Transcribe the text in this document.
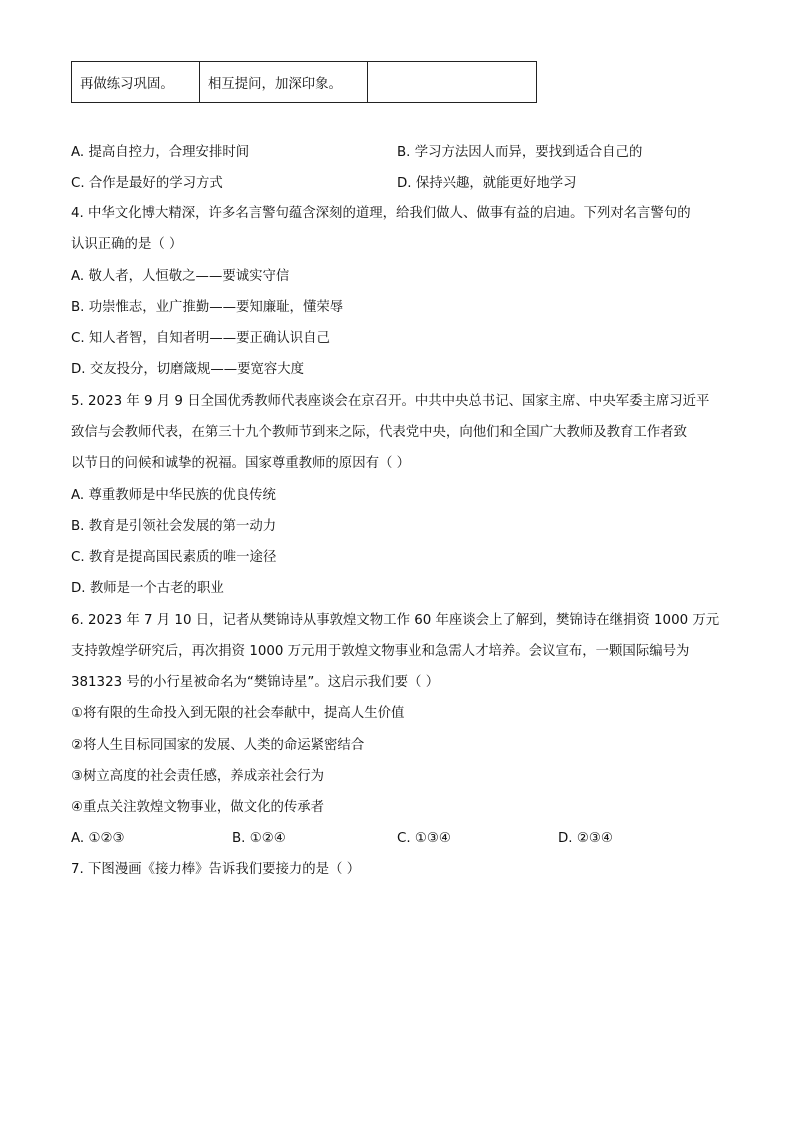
再做练习巩固。	相互提问，加深印象。	
A. 提高自控力，合理安排时间	B. 学习方法因人而异，要找到适合自己的
C. 合作是最好的学习方式	D. 保持兴趣，就能更好地学习
4. 中华文化博大精深，许多名言警句蕴含深刻的道理，给我们做人、做事有益的启迪。下列对名言警句的
认识正确的是（ ）
A. 敬人者，人恒敬之——要诚实守信
B. 功崇惟志，业广推勤——要知廉耻，懂荣辱
C. 知人者智，自知者明——要正确认识自己
D. 交友投分，切磨箴规——要宽容大度
5. 2023 年 9 月 9 日全国优秀教师代表座谈会在京召开。中共中央总书记、国家主席、中央军委主席习近平
致信与会教师代表，在第三十九个教师节到来之际，代表党中央，向他们和全国广大教师及教育工作者致
以节日的问候和诚挚的祝福。国家尊重教师的原因有（ ）
A. 尊重教师是中华民族的优良传统
B. 教育是引领社会发展的第一动力
C. 教育是提高国民素质的唯一途径
D. 教师是一个古老的职业
6. 2023 年 7 月 10 日，记者从樊锦诗从事敦煌文物工作 60 年座谈会上了解到，樊锦诗在继捐资 1000 万元
支持敦煌学研究后，再次捐资 1000 万元用于敦煌文物事业和急需人才培养。会议宣布，一颗国际编号为
381323 号的小行星被命名为“樊锦诗星”。这启示我们要（ ）
①将有限的生命投入到无限的社会奉献中，提高人生价值
②将人生目标同国家的发展、人类的命运紧密结合
③树立高度的社会责任感，养成亲社会行为
④重点关注敦煌文物事业，做文化的传承者
A. ①②③	B. ①②④	C. ①③④	D. ②③④
7. 下图漫画《接力棒》告诉我们要接力的是（ ）
